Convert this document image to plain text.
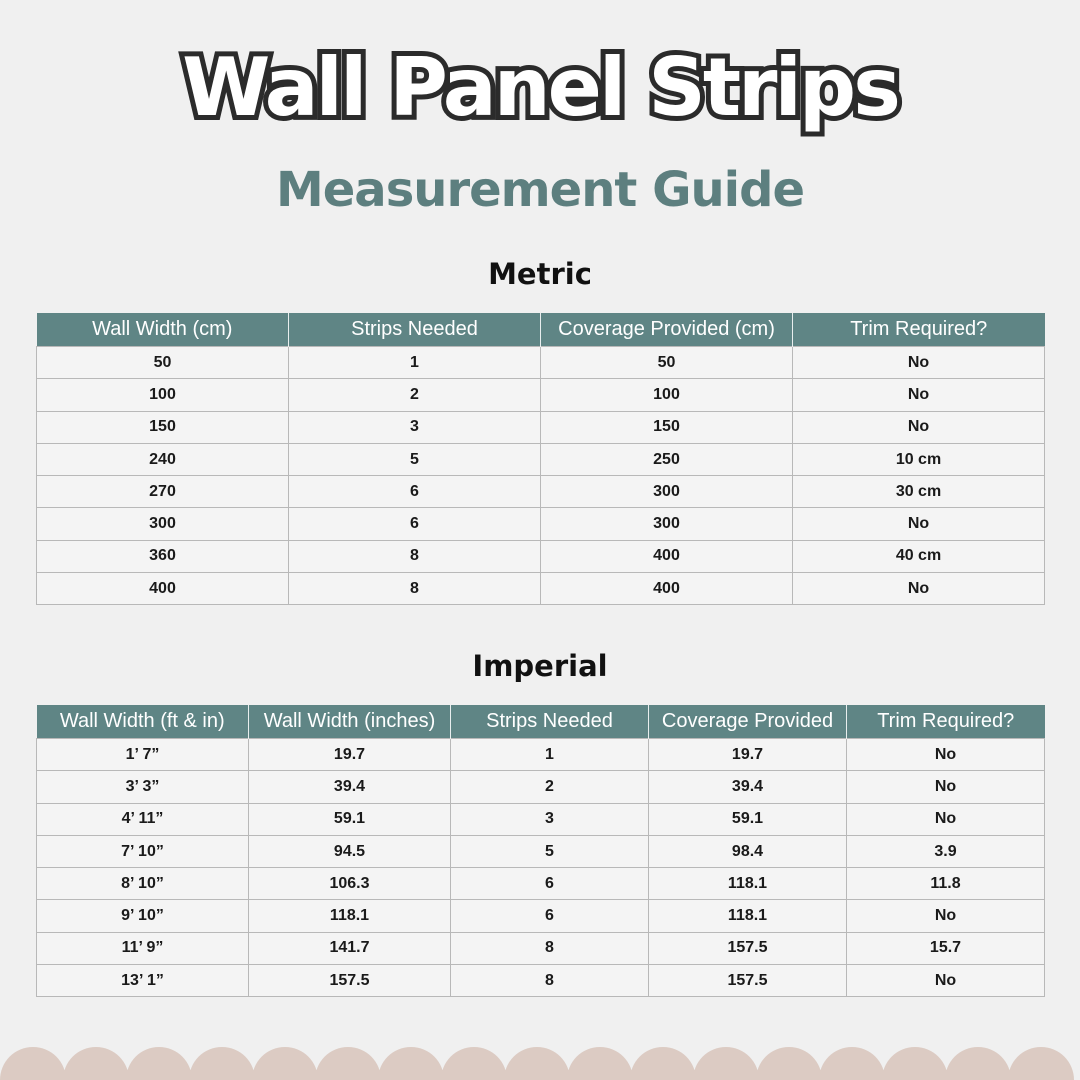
Wall Panel Strips
Measurement Guide
Metric
Wall Width (cm)	Strips Needed	Coverage Provided (cm)	Trim Required?
50	1	50	No
100	2	100	No
150	3	150	No
240	5	250	10 cm
270	6	300	30 cm
300	6	300	No
360	8	400	40 cm
400	8	400	No
Imperial
Wall Width (ft & in)	Wall Width (inches)	Strips Needed	Coverage Provided	Trim Required?
1’ 7”	19.7	1	19.7	No
3’ 3”	39.4	2	39.4	No
4’ 11”	59.1	3	59.1	No
7’ 10”	94.5	5	98.4	3.9
8’ 10”	106.3	6	118.1	11.8
9’ 10”	118.1	6	118.1	No
11’ 9”	141.7	8	157.5	15.7
13’ 1”	157.5	8	157.5	No
